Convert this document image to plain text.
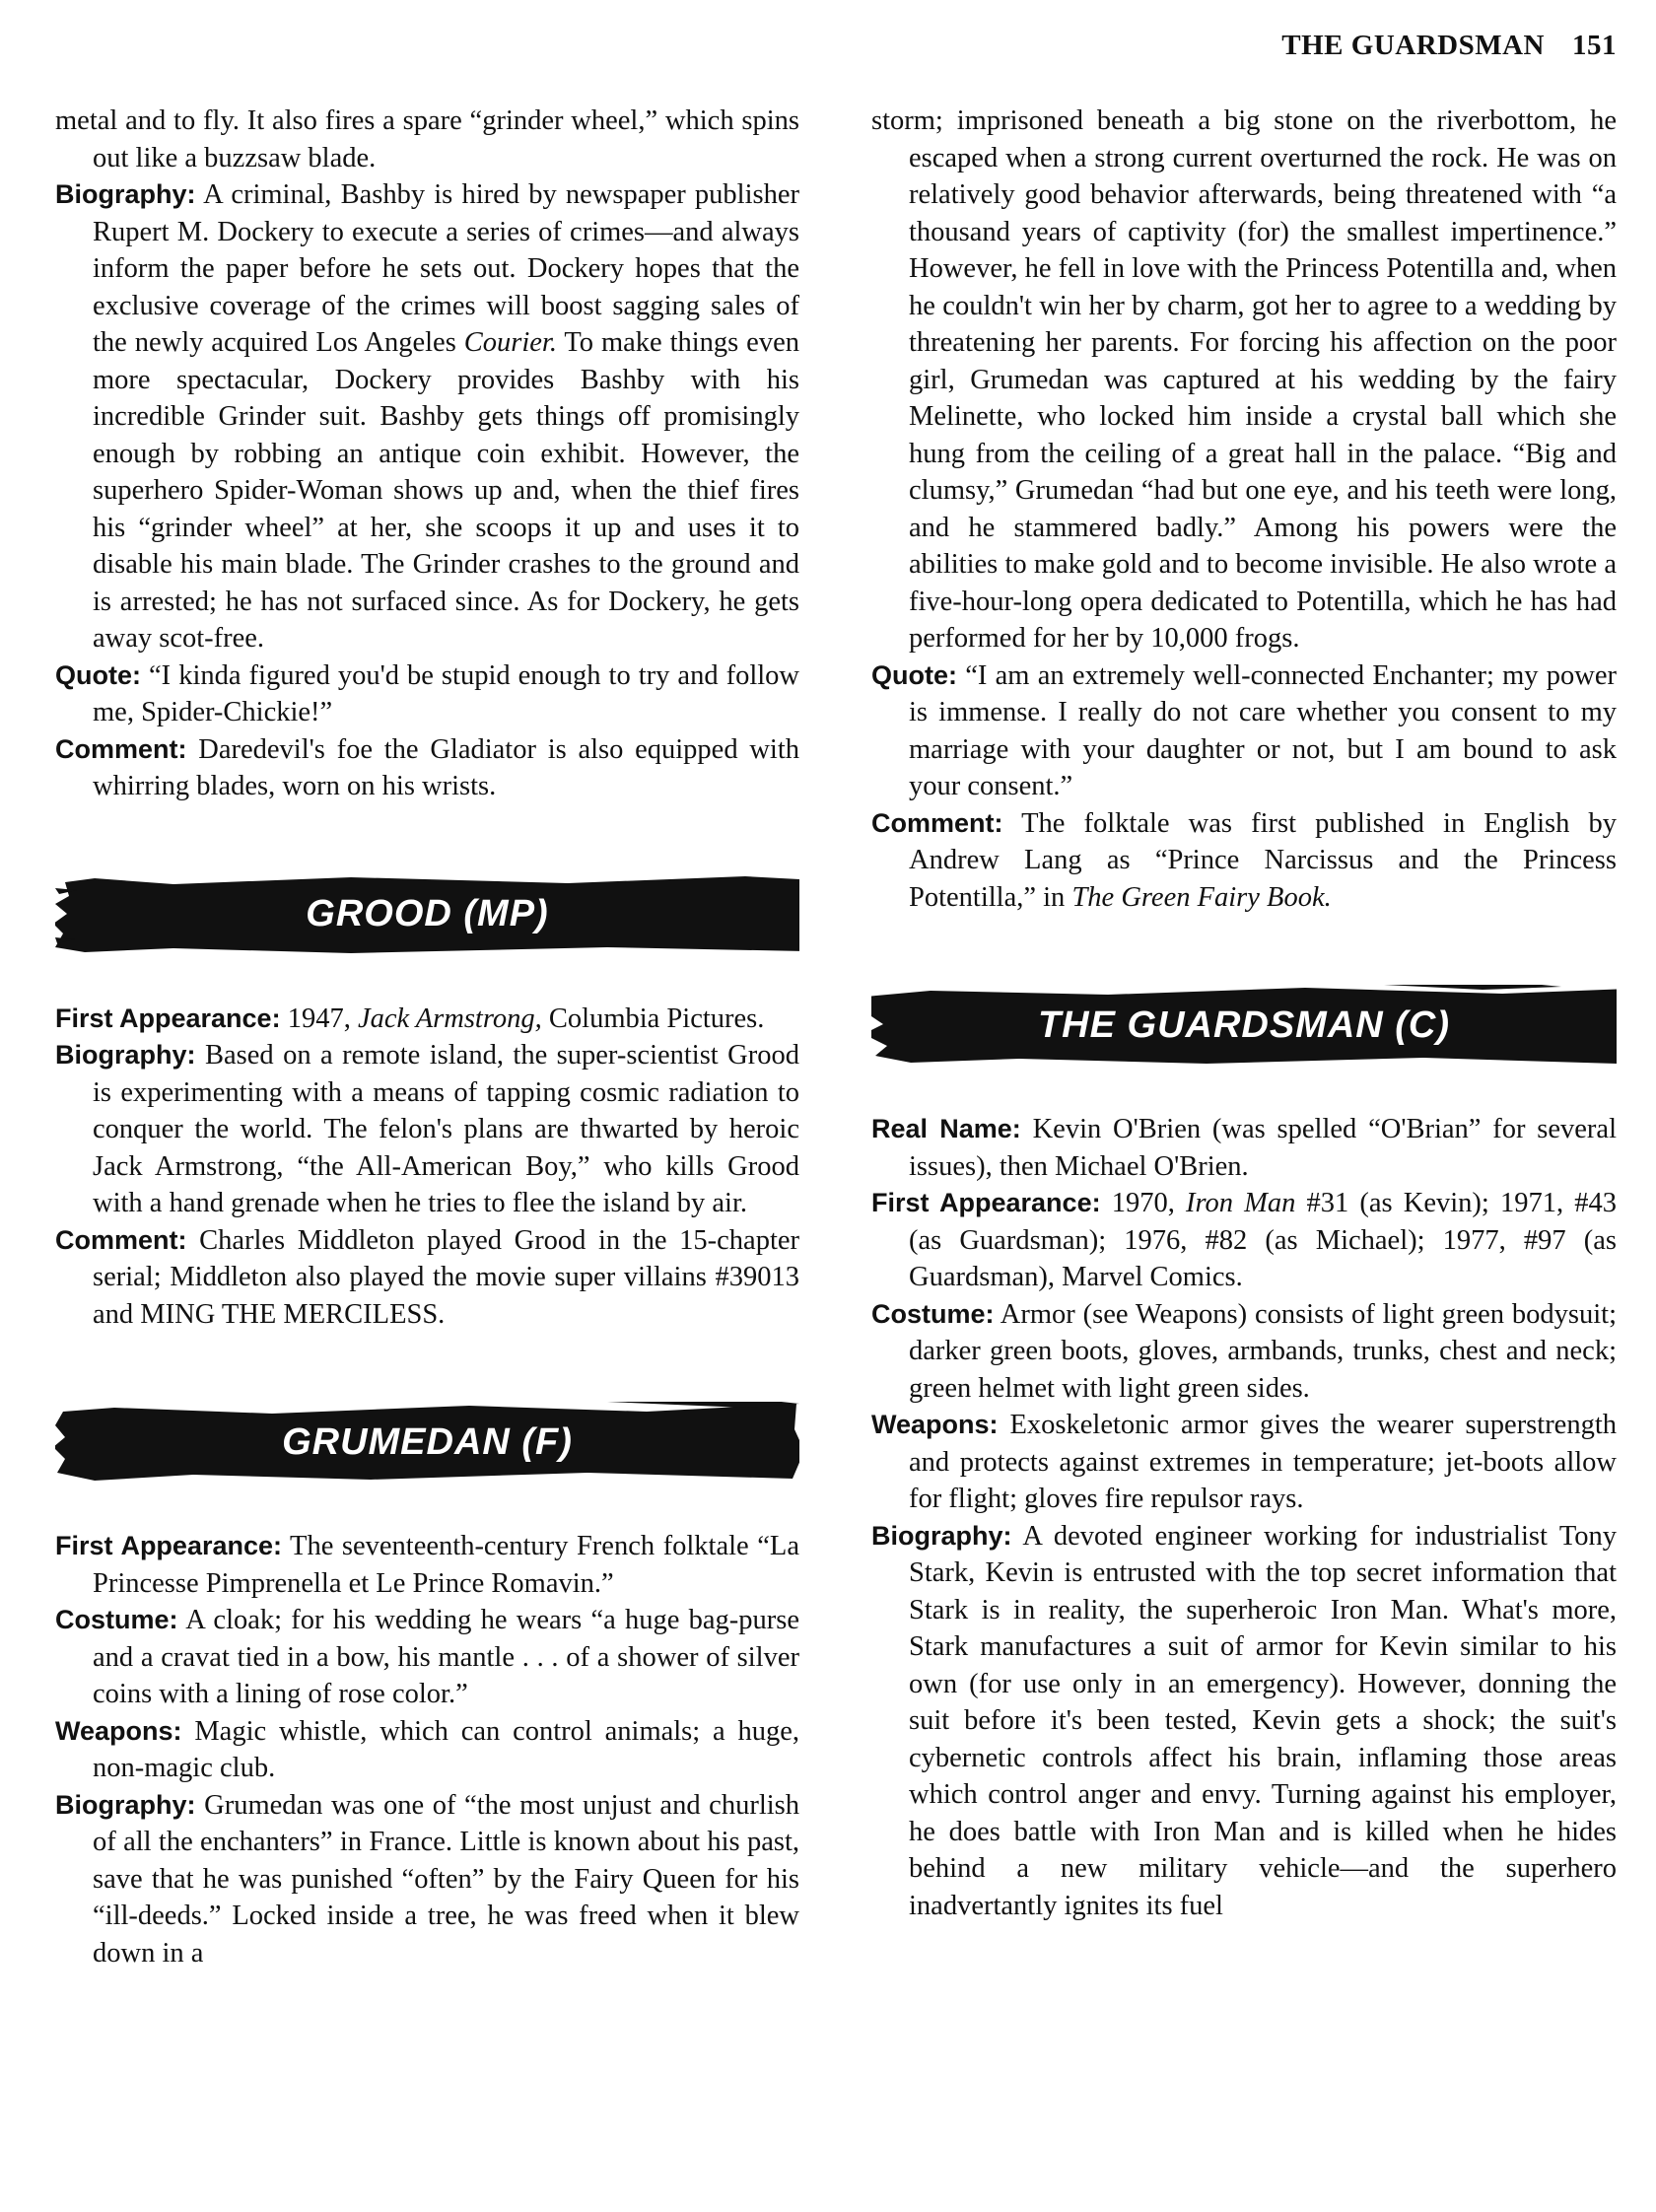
THE GUARDSMAN 151

metal and to fly. It also fires a spare “grinder wheel,” which spins out like a buzzsaw blade.

Biography: A criminal, Bashby is hired by newspaper publisher Rupert M. Dockery to execute a series of crimes—and always inform the paper before he sets out. Dockery hopes that the exclusive coverage of the crimes will boost sagging sales of the newly acquired Los Angeles Courier. To make things even more spectacular, Dockery provides Bashby with his incredible Grinder suit. Bashby gets things off promisingly enough by robbing an antique coin exhibit. However, the superhero Spider-Woman shows up and, when the thief fires his “grinder wheel” at her, she scoops it up and uses it to disable his main blade. The Grinder crashes to the ground and is arrested; he has not surfaced since. As for Dockery, he gets away scot-free.

Quote: “I kinda figured you'd be stupid enough to try and follow me, Spider-Chickie!”

Comment: Daredevil's foe the Gladiator is also equipped with whirring blades, worn on his wrists.

GROOD (MP)

First Appearance: 1947, Jack Armstrong, Columbia Pictures.

Biography: Based on a remote island, the super-scientist Grood is experimenting with a means of tapping cosmic radiation to conquer the world. The felon's plans are thwarted by heroic Jack Armstrong, “the All-American Boy,” who kills Grood with a hand grenade when he tries to flee the island by air.

Comment: Charles Middleton played Grood in the 15-chapter serial; Middleton also played the movie super villains #39013 and MING THE MERCILESS.

GRUMEDAN (F)

First Appearance: The seventeenth-century French folktale “La Princesse Pimprenella et Le Prince Romavin.”

Costume: A cloak; for his wedding he wears “a huge bag-purse and a cravat tied in a bow, his mantle . . . of a shower of silver coins with a lining of rose color.”

Weapons: Magic whistle, which can control animals; a huge, non-magic club.

Biography: Grumedan was one of “the most unjust and churlish of all the enchanters” in France. Little is known about his past, save that he was punished “often” by the Fairy Queen for his “ill-deeds.” Locked inside a tree, he was freed when it blew down in a

storm; imprisoned beneath a big stone on the riverbottom, he escaped when a strong current overturned the rock. He was on relatively good behavior afterwards, being threatened with “a thousand years of captivity (for) the smallest impertinence.” However, he fell in love with the Princess Potentilla and, when he couldn't win her by charm, got her to agree to a wedding by threatening her parents. For forcing his affection on the poor girl, Grumedan was captured at his wedding by the fairy Melinette, who locked him inside a crystal ball which she hung from the ceiling of a great hall in the palace. “Big and clumsy,” Grumedan “had but one eye, and his teeth were long, and he stammered badly.” Among his powers were the abilities to make gold and to become invisible. He also wrote a five-hour-long opera dedicated to Potentilla, which he has had performed for her by 10,000 frogs.

Quote: “I am an extremely well-connected Enchanter; my power is immense. I really do not care whether you consent to my marriage with your daughter or not, but I am bound to ask your consent.”

Comment: The folktale was first published in English by Andrew Lang as “Prince Narcissus and the Princess Potentilla,” in The Green Fairy Book.

THE GUARDSMAN (C)

Real Name: Kevin O'Brien (was spelled “O'Brian” for several issues), then Michael O'Brien.

First Appearance: 1970, Iron Man #31 (as Kevin); 1971, #43 (as Guardsman); 1976, #82 (as Michael); 1977, #97 (as Guardsman), Marvel Comics.

Costume: Armor (see Weapons) consists of light green bodysuit; darker green boots, gloves, armbands, trunks, chest and neck; green helmet with light green sides.

Weapons: Exoskeletonic armor gives the wearer superstrength and protects against extremes in temperature; jet-boots allow for flight; gloves fire repulsor rays.

Biography: A devoted engineer working for industrialist Tony Stark, Kevin is entrusted with the top secret information that Stark is in reality, the superheroic Iron Man. What's more, Stark manufactures a suit of armor for Kevin similar to his own (for use only in an emergency). However, donning the suit before it's been tested, Kevin gets a shock; the suit's cybernetic controls affect his brain, inflaming those areas which control anger and envy. Turning against his employer, he does battle with Iron Man and is killed when he hides behind a new military vehicle—and the superhero inadvertantly ignites its fuel
